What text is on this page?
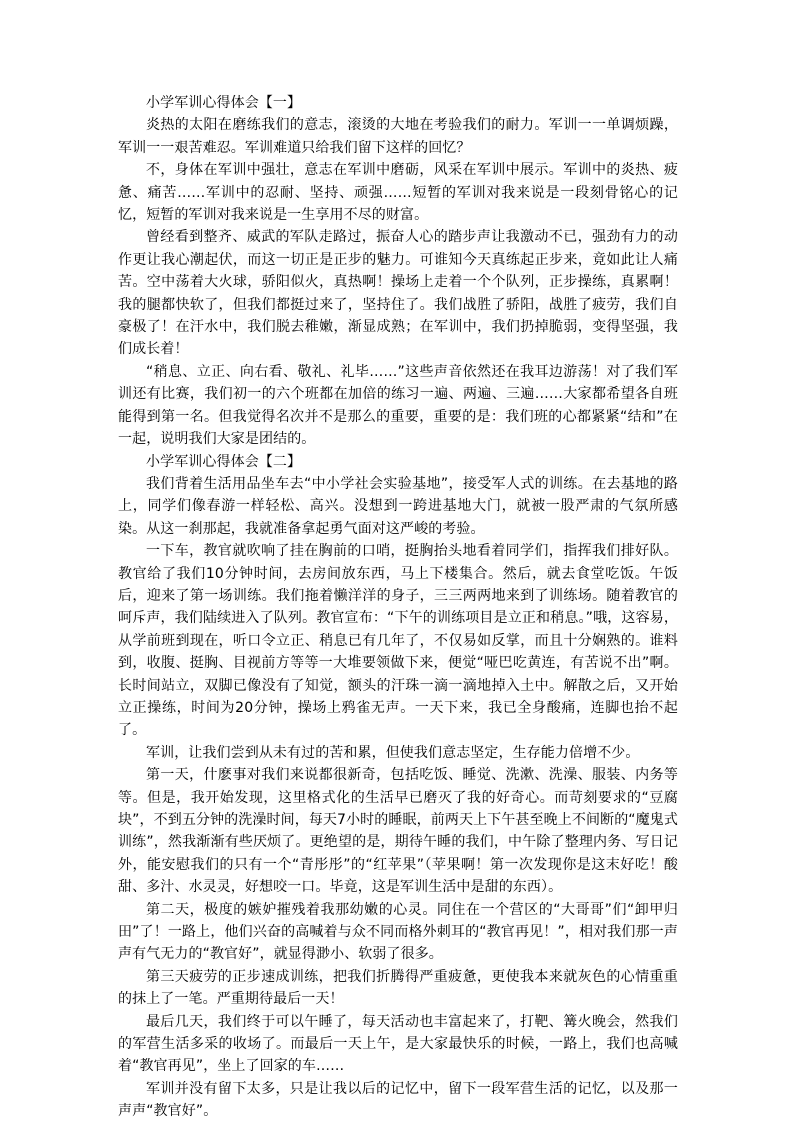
小学军训心得体会【一】

炎热的太阳在磨练我们的意志，滚烫的大地在考验我们的耐力。军训一一单调烦躁，军训一一艰苦难忍。军训难道只给我们留下这样的回忆？

不，身体在军训中强壮，意志在军训中磨砺，风采在军训中展示。军训中的炎热、疲惫、痛苦……军训中的忍耐、坚持、顽强……短暂的军训对我来说是一段刻骨铭心的记忆，短暂的军训对我来说是一生享用不尽的财富。

曾经看到整齐、威武的军队走路过，振奋人心的踏步声让我激动不已，强劲有力的动作更让我心潮起伏，而这一切正是正步的魅力。可谁知今天真练起正步来，竟如此让人痛苦。空中荡着大火球，骄阳似火，真热啊！操场上走着一个个队列，正步操练，真累啊！我的腿都快软了，但我们都挺过来了，坚持住了。我们战胜了骄阳，战胜了疲劳，我们自豪极了！在汗水中，我们脱去稚嫩，渐显成熟；在军训中，我们扔掉脆弱，变得坚强，我们成长着！

“稍息、立正、向右看、敬礼、礼毕……”这些声音依然还在我耳边游荡！对了我们军训还有比赛，我们初一的六个班都在加倍的练习一遍、两遍、三遍……大家都希望各自班能得到第一名。但我觉得名次并不是那么的重要，重要的是：我们班的心都紧紧“结和”在一起，说明我们大家是团结的。

小学军训心得体会【二】

我们背着生活用品坐车去“中小学社会实验基地”，接受军人式的训练。在去基地的路上，同学们像春游一样轻松、高兴。没想到一跨进基地大门，就被一股严肃的气氛所感染。从这一刹那起，我就准备拿起勇气面对这严峻的考验。

一下车，教官就吹响了挂在胸前的口哨，挺胸抬头地看着同学们，指挥我们排好队。教官给了我们10分钟时间，去房间放东西，马上下楼集合。然后，就去食堂吃饭。午饭后，迎来了第一场训练。我们拖着懒洋洋的身子，三三两两地来到了训练场。随着教官的呵斥声，我们陆续进入了队列。教官宣布：“下午的训练项目是立正和稍息。”哦，这容易，从学前班到现在，听口令立正、稍息已有几年了，不仅易如反掌，而且十分娴熟的。谁料到，收腹、挺胸、目视前方等等一大堆要领做下来，便觉“哑巴吃黄连，有苦说不出”啊。长时间站立，双脚已像没有了知觉，额头的汗珠一滴一滴地掉入土中。解散之后，又开始立正操练，时间为20分钟，操场上鸦雀无声。一天下来，我已全身酸痛，连脚也抬不起了。

军训，让我们尝到从未有过的苦和累，但使我们意志坚定，生存能力倍增不少。

第一天，什麽事对我们来说都很新奇，包括吃饭、睡觉、洗漱、洗澡、服装、内务等等。但是，我开始发现，这里格式化的生活早已磨灭了我的好奇心。而苛刻要求的“豆腐块”，不到五分钟的洗澡时间，每天7小时的睡眠，前两天上下午甚至晚上不间断的“魔鬼式训练”，然我渐渐有些厌烦了。更绝望的是，期待午睡的我们，中午除了整理内务、写日记外，能安慰我们的只有一个“青彤彤”的“红苹果”（苹果啊！第一次发现你是这末好吃！酸甜、多汁、水灵灵，好想咬一口。毕竟，这是军训生活中是甜的东西）。

第二天，极度的嫉妒摧残着我那幼嫩的心灵。同住在一个营区的“大哥哥”们“卸甲归田”了！一路上，他们兴奋的高喊着与众不同而格外刺耳的“教官再见！”，相对我们那一声声有气无力的“教官好”，就显得渺小、软弱了很多。

第三天疲劳的正步速成训练，把我们折腾得严重疲惫，更使我本来就灰色的心情重重的抹上了一笔。严重期待最后一天！

最后几天，我们终于可以午睡了，每天活动也丰富起来了，打靶、篝火晚会，然我们的军营生活多采的收场了。而最后一天上午，是大家最快乐的时候，一路上，我们也高喊着“教官再见”，坐上了回家的车……

军训并没有留下太多，只是让我以后的记忆中，留下一段军营生活的记忆，以及那一声声“教官好”。
